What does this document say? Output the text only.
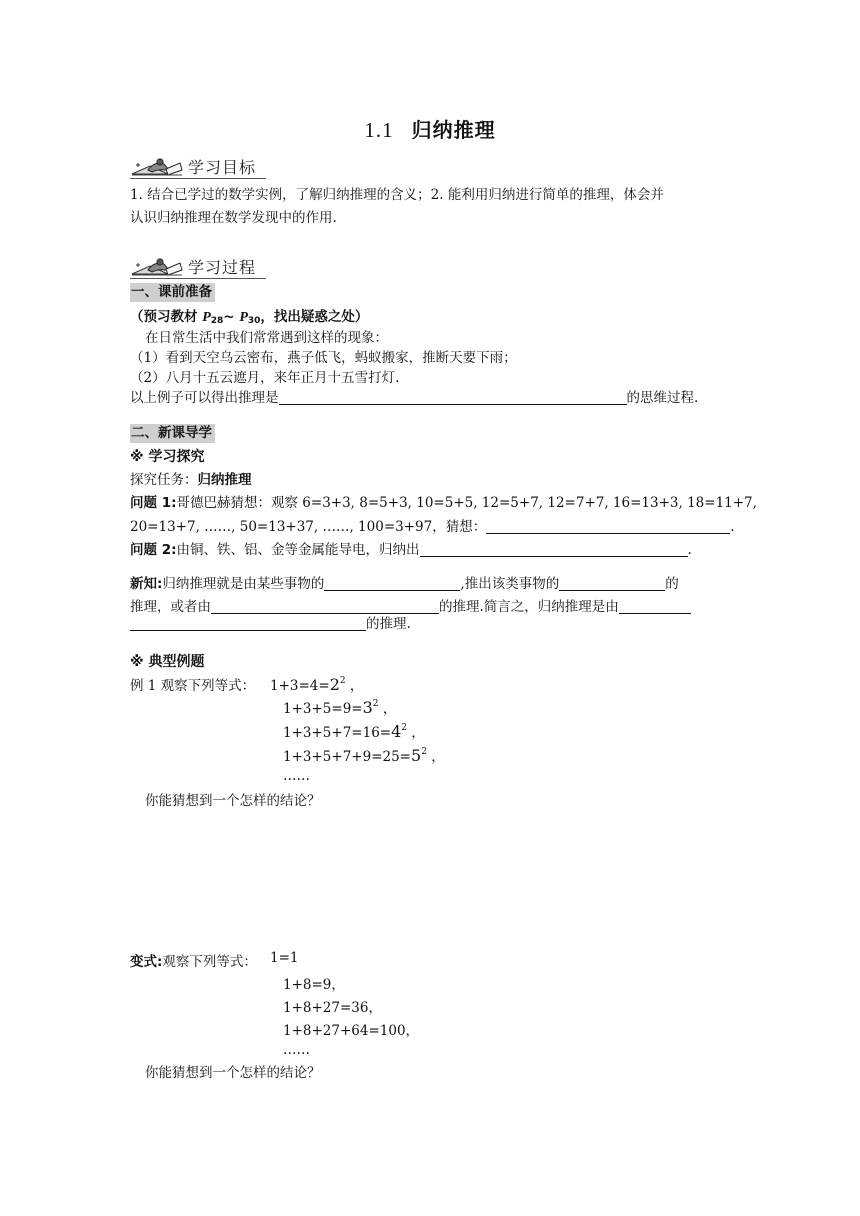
1.1 归纳推理
学习目标
1. 结合已学过的数学实例，了解归纳推理的含义；2. 能利用归纳进行简单的推理，体会并
认识归纳推理在数学发现中的作用.
学习过程
一、课前准备
（预习教材 $P_{28}\sim$ $P_{30}$，找出疑惑之处）
在日常生活中我们常常遇到这样的现象：
（1）看到天空乌云密布，燕子低飞，蚂蚁搬家，推断天要下雨；
（2）八月十五云遮月，来年正月十五雪打灯.
以上例子可以得出推理是	的思维过程.
二、新课导学
※ 学习探究
探究任务：归纳推理
问题 1:哥德巴赫猜想：观察 6=3+3, 8=5+3, 10=5+5, 12=5+7, 12=7+7, 16=13+3, 18=11+7,
20=13+7, ……, 50=13+37, ……, 100=3+97，猜想：	.
问题 2:由铜、铁、铝、金等金属能导电，归纳出	.
新知:归纳推理就是由某些事物的	,推出该类事物的	的
推理，或者由	的推理.简言之，归纳推理是由
的推理.
※ 典型例题
例 1 观察下列等式： $1+3=4=2^2$ ，
$1+3+5=9=3^2$ ，
$1+3+5+7=16=4^2$ ，
$1+3+5+7+9=25=5^2$ ，
……
你能猜想到一个怎样的结论？
变式:观察下列等式： 1=1
1+8=9，
1+8+27=36，
1+8+27+64=100，
……
你能猜想到一个怎样的结论？
